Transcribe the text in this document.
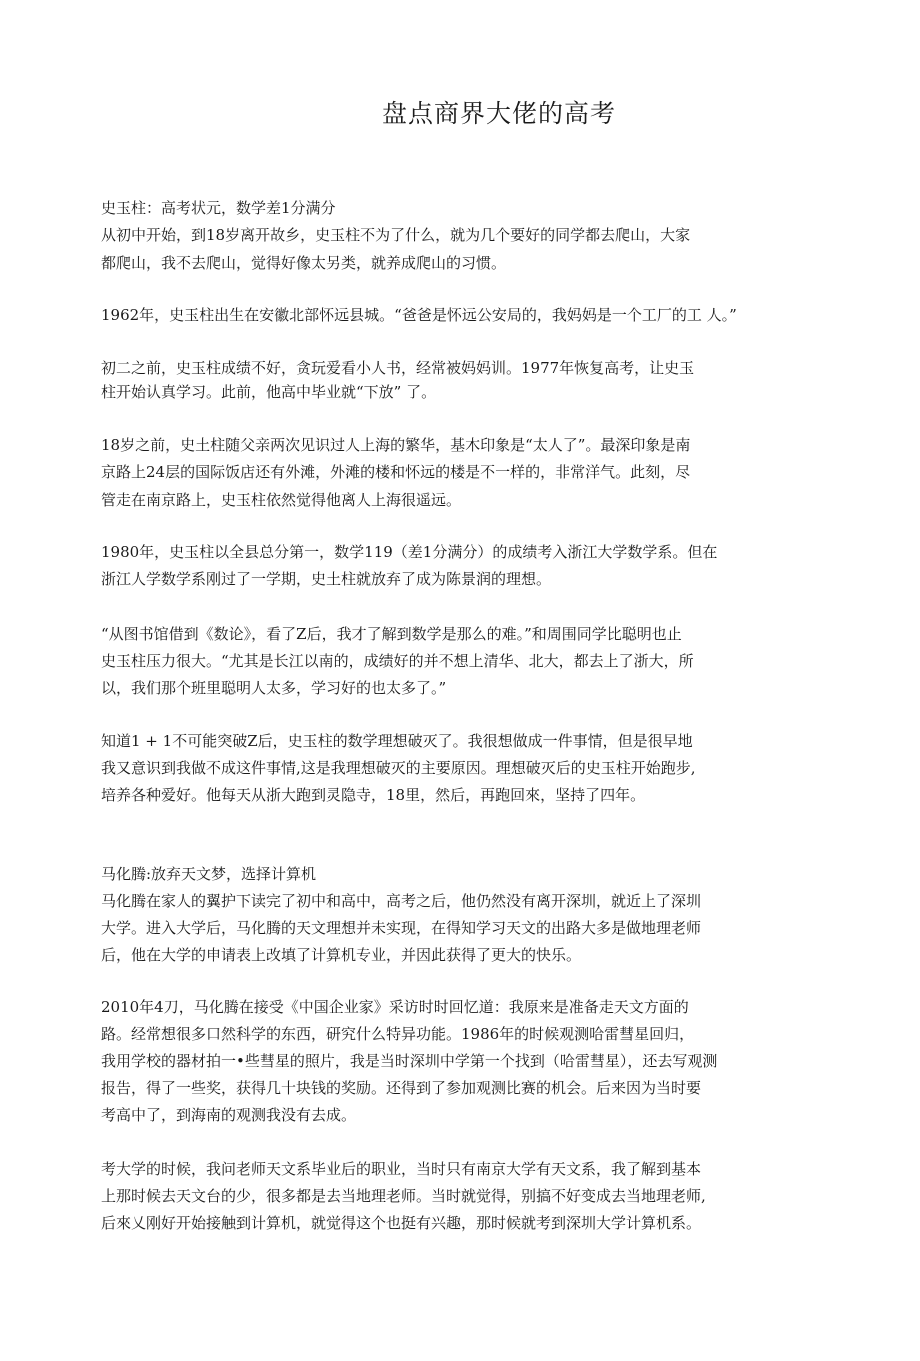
盘点商界大佬的高考
史玉柱：高考状元，数学差1分满分
从初中开始，到18岁离开故乡，史玉柱不为了什么，就为几个要好的同学都去爬山，大家
都爬山，我不去爬山，觉得好像太另类，就养成爬山的习惯。
1962年，史玉柱出生在安徽北部怀远县城。“爸爸是怀远公安局的，我妈妈是一个工厂的工 人。”
初二之前，史玉柱成绩不好，贪玩爱看小人书，经常被妈妈训。1977年恢复高考，让史玉
柱开始认真学习。此前，他高中毕业就“下放” 了。
18岁之前，史土柱随父亲两次见识过人上海的繁华，基木印象是“太人了”。最深印象是南
京路上24层的国际饭店还有外滩，外滩的楼和怀远的楼是不一样的，非常洋气。此刻，尽
管走在南京路上，史玉柱依然觉得他离人上海很遥远。
1980年，史玉柱以全县总分第一，数学119（差1分满分）的成绩考入浙江大学数学系。但在
浙江人学数学系刚过了一学期，史土柱就放弃了成为陈景润的理想。
“从图书馆借到《数论》，看了Z后，我才了解到数学是那么的难。”和周围同学比聪明也止
史玉柱压力很大。“尤其是长江以南的，成绩好的并不想上清华、北大，都去上了浙大，所
以，我们那个班里聪明人太多，学习好的也太多了。”
知道1 + 1不可能突破Z后，史玉柱的数学理想破灭了。我很想做成一件事情，但是很早地
我又意识到我做不成这件事情,这是我理想破灭的主要原因。理想破灭后的史玉柱开始跑步,
培养各种爱好。他每天从浙大跑到灵隐寺，18里，然后，再跑回來，坚持了四年。
马化腾:放弃天文梦，选择计算机
马化腾在家人的翼护下读完了初中和高中，高考之后，他仍然没有离开深圳，就近上了深圳
大学。进入大学后，马化腾的天文理想并未实现，在得知学习天文的出路大多是做地理老师
后，他在大学的申请表上改填了计算机专业，并因此获得了更大的快乐。
2010年4刀，马化腾在接受《中国企业家》采访时时回忆道：我原来是准备走天文方面的
路。经常想很多口然科学的东西，研究什么特异功能。1986年的时候观测哈雷彗星回归，
我用学校的器材拍一•些彗星的照片，我是当时深圳中学第一个找到（哈雷彗星），还去写观测
报告，得了一些奖，获得几十块钱的奖励。还得到了参加观测比赛的机会。后来因为当时要
考高中了，到海南的观测我没有去成。
考大学的时候，我问老师天文系毕业后的职业，当时只有南京大学有天文系，我了解到基本
上那时候去天文台的少，很多都是去当地理老师。当时就觉得，别搞不好变成去当地理老师,
后來乂刚好开始接触到计算机，就觉得这个也挺有兴趣，那时候就考到深圳大学计算机系。
